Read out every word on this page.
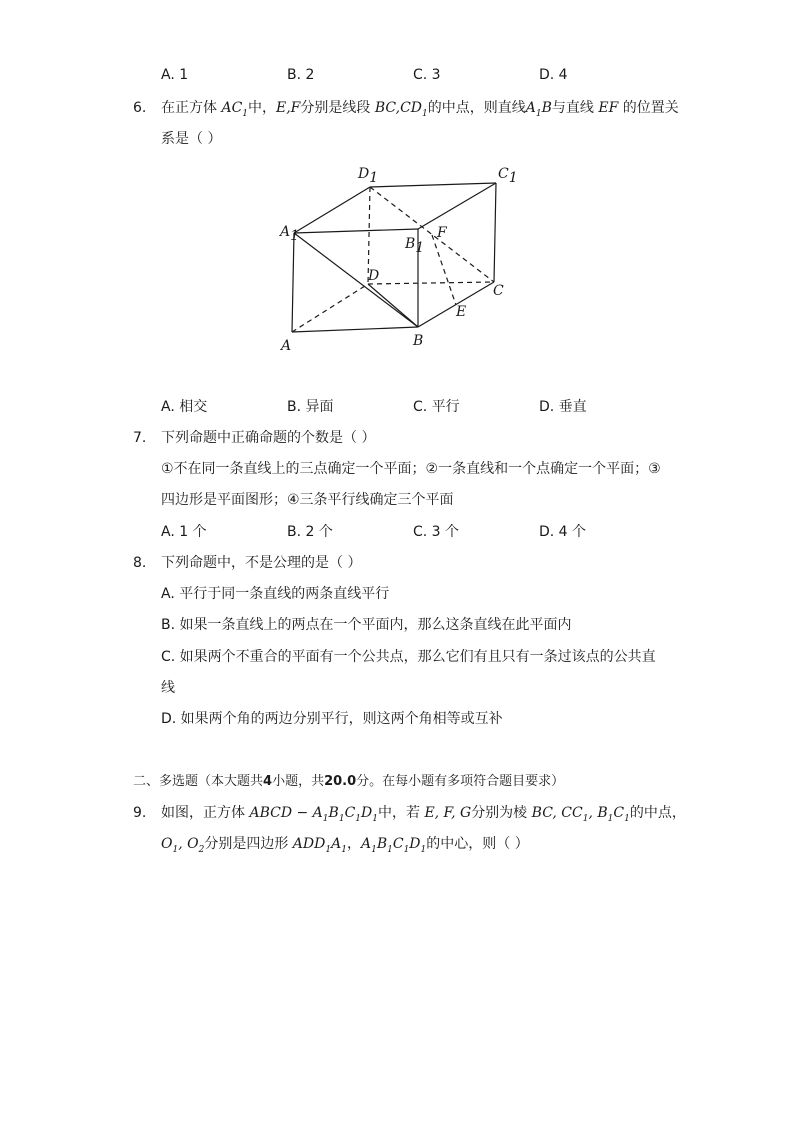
A. 1	B. 2	C. 3	D. 4
6. 在正方体 $AC_1$中，E,F分别是线段 $BC,CD_1$的中点，则直线$A_1B$与直线 EF 的位置关
系是（ ）
D1	C1
A1	B1
F
D
C
E
A	B
A. 相交	B. 异面	C. 平行	D. 垂直
7. 下列命题中正确命题的个数是（ ）
①不在同一条直线上的三点确定一个平面；②一条直线和一个点确定一个平面；③
四边形是平面图形；④三条平行线确定三个平面
A. 1 个	B. 2 个	C. 3 个	D. 4 个
8. 下列命题中，不是公理的是（ ）
A. 平行于同一条直线的两条直线平行
B. 如果一条直线上的两点在一个平面内，那么这条直线在此平面内
C. 如果两个不重合的平面有一个公共点，那么它们有且只有一条过该点的公共直
线
D. 如果两个角的两边分别平行，则这两个角相等或互补
二、多选题（本大题共4小题，共20.0分。在每小题有多项符合题目要求）
9. 如图，正方体 ABCD − $A_1B_1C_1D_1$中，若 E, F, G分别为棱 BC, $CC_1$, $B_1C_1$的中点，
$O_1$, $O_2$分别是四边形 $ADD_1A_1$，$A_1B_1C_1D_1$的中心，则（ ）
